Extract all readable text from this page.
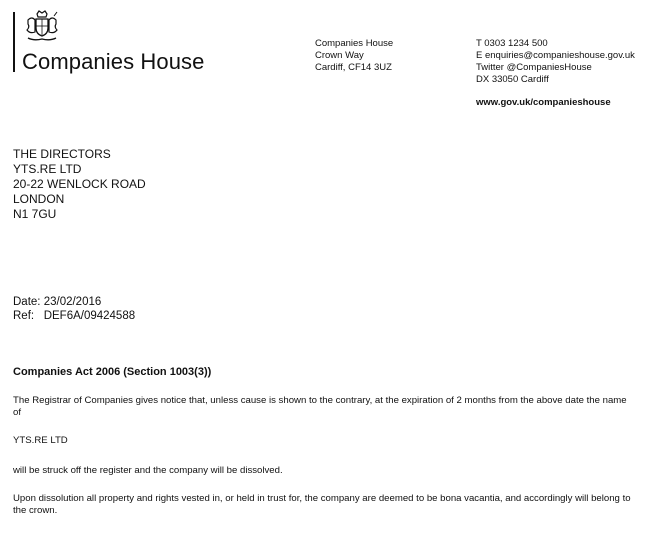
Companies House
Companies House
Crown Way
Cardiff, CF14 3UZ
T 0303 1234 500
E enquiries@companieshouse.gov.uk
Twitter @CompaniesHouse
DX 33050 Cardiff
www.gov.uk/companieshouse
THE DIRECTORS
YTS.RE LTD
20-22 WENLOCK ROAD
LONDON
N1 7GU
Date: 23/02/2016
Ref: DEF6A/09424588
Companies Act 2006 (Section 1003(3))

The Registrar of Companies gives notice that, unless cause is shown to the contrary, at the expiration of 2 months from the above date the name of

YTS.RE LTD

will be struck off the register and the company will be dissolved.

Upon dissolution all property and rights vested in, or held in trust for, the company are deemed to be bona vacantia, and accordingly will belong to the crown.
